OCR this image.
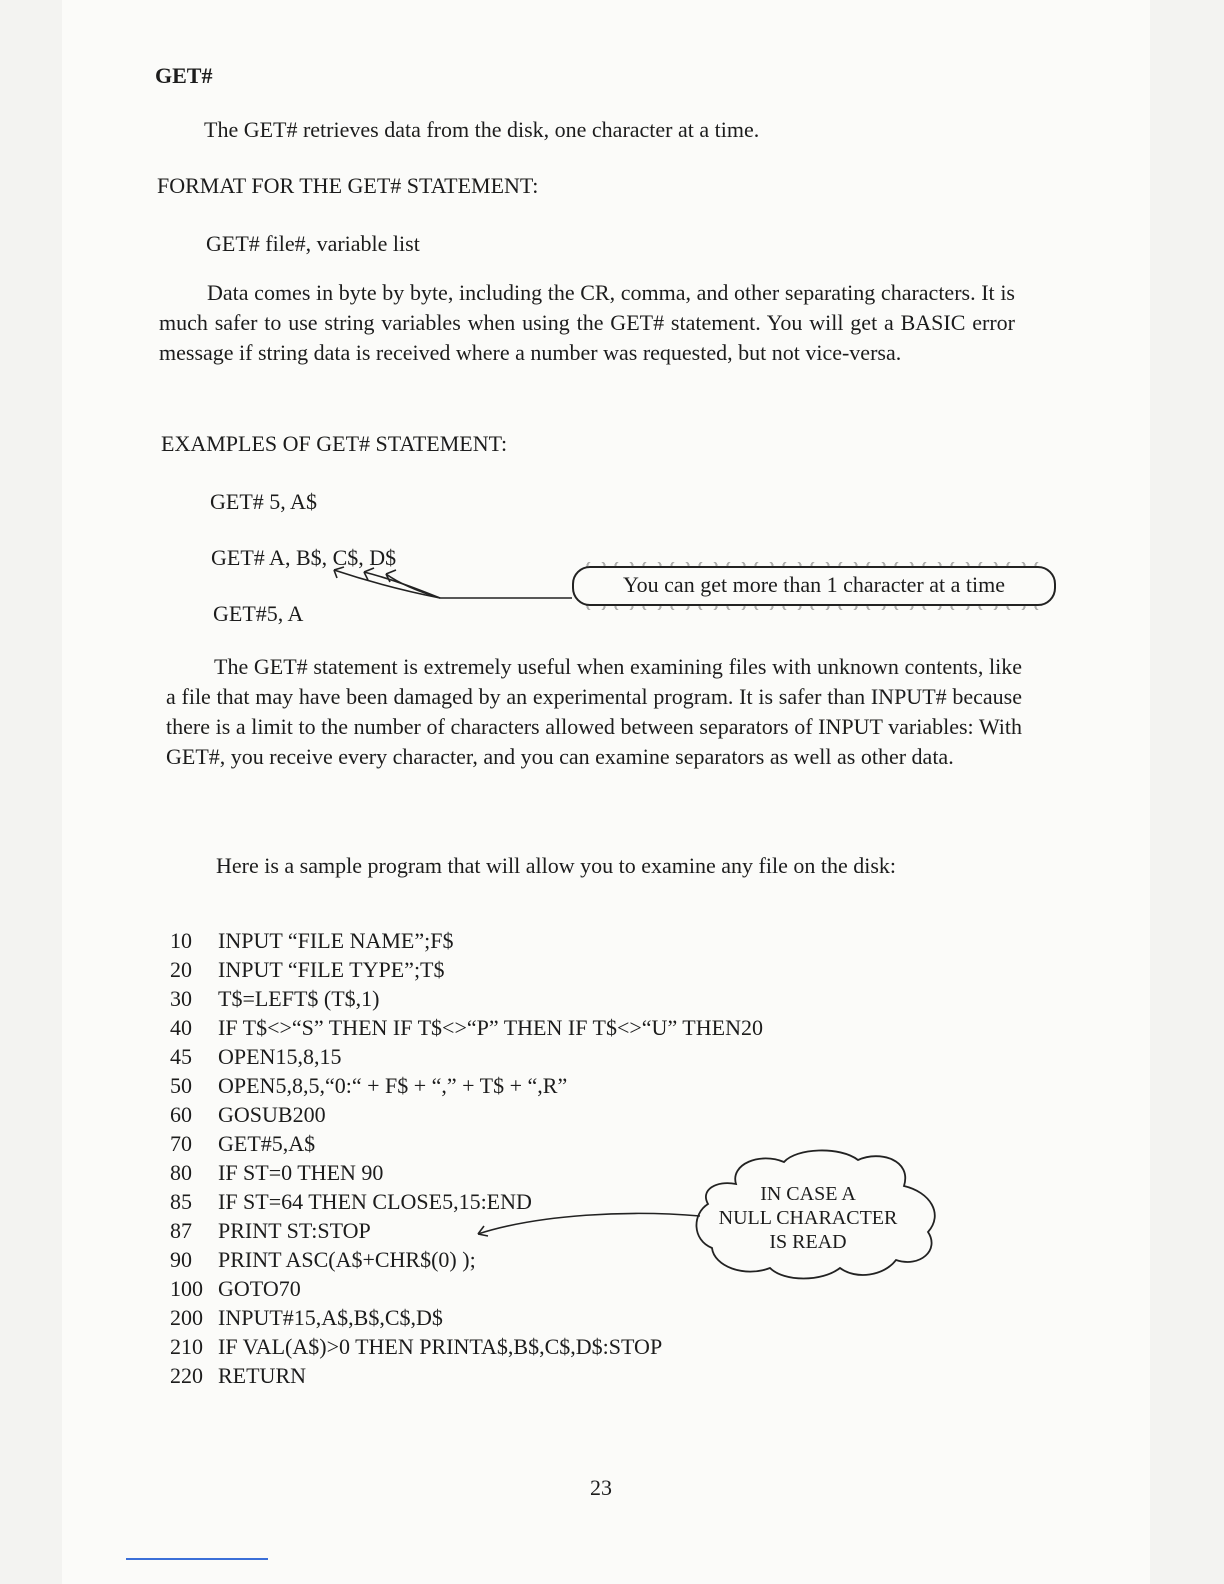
GET#
The GET# retrieves data from the disk, one character at a time.
FORMAT FOR THE GET# STATEMENT:
GET# file#, variable list
Data comes in byte by byte, including the CR, comma, and other separating characters. It is much safer to use string variables when using the GET# statement. You will get a BASIC error message if string data is received where a number was requested, but not vice-versa.
EXAMPLES OF GET# STATEMENT:
GET# 5, A$
GET# A, B$, C$, D$
GET#5, A
You can get more than 1 character at a time
The GET# statement is extremely useful when examining files with unknown contents, like a file that may have been damaged by an experimental program. It is safer than INPUT# because there is a limit to the number of characters allowed between separators of INPUT variables: With GET#, you receive every character, and you can examine separators as well as other data.
Here is a sample program that will allow you to examine any file on the disk:
10 INPUT “FILE NAME”;F$
20 INPUT “FILE TYPE”;T$
30 T$=LEFT$ (T$,1)
40 IF T$<>“S” THEN IF T$<>“P” THEN IF T$<>“U” THEN20
45 OPEN15,8,15
50 OPEN5,8,5,“0:“ + F$ + “,” + T$ + “,R”
60 GOSUB200
70 GET#5,A$
80 IF ST=0 THEN 90
85 IF ST=64 THEN CLOSE5,15:END
87 PRINT ST:STOP
90 PRINT ASC(A$+CHR$(0) );
100 GOTO70
200 INPUT#15,A$,B$,C$,D$
210 IF VAL(A$)>0 THEN PRINTA$,B$,C$,D$:STOP
220 RETURN
IN CASE A
NULL CHARACTER
IS READ
23
